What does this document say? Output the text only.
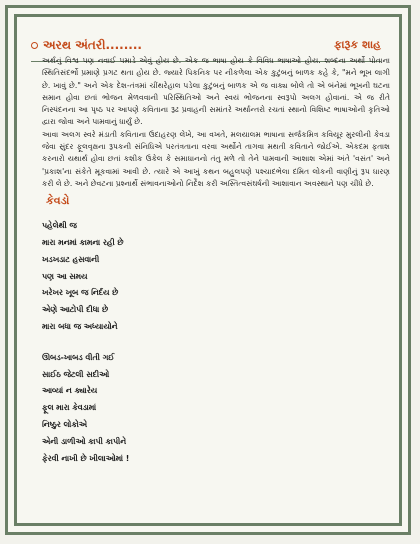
અરથ અંતરી........	ફારૂક શાહ

અર્થનું વિશ્વ પણ નવાઈ પમાડે એવું હોય છે. એક જ ભાષા હોય કે વિવિધ ભાષાઓ હોય. શબ્દના અર્થો પોતાના સ્થિતિસંદર્ભો પ્રમાણે પ્રગટ થતા હોય છે. જ્યારે પિકનિક પર નીકળેલા એક કુટુંબનું બાળક કહે કે, "મને ભૂખ લાગી છે. ખાવું છે." અને એક દેશ-તંત્રમાં ચીંથરેહાલ પડેલા કુટુંબનું બાળક એ જ વાક્ય બોલે તો એ બંનેમાં ભૂખની ઘટના સમાન હોવા છતાં ભોજન મેળવવાની પરિસ્થિતિઓ અને સ્વયં ભોજનના સ્વરૂપો અલગ હોવાનાં. એ જ રીતે નિસ્પંદનના આ પૃષ્ઠ પર આપણે કવિતાના રૂઢ પ્રવાહની સમાંતરે અર્થાન્તરો રચતાં સ્થાનો વિશિષ્ટ ભાષાઓની કૃતિઓ દ્વારા જોવા અને પામવાનું ધાર્યું છે.

આવા અલગ સ્વરે મંડાતી કવિતાના ઉદાહરણ લેખે, આ વખતે, મલયાલમ ભાષાના સર્જકમિત્ર કવિયૂર મુરલીની કેવડા જેવા સુંદર ફૂલવૃક્ષના રૂપકની સંનિધિએ પરતંત્રતાના વરવા અર્થોને તાગવા મથતી કવિતાને જોઈએ. એકદમ ફતાશ કરનારો યથાર્થ હોવા છતાં કશીક ઉકેલ કે સમાધાનનો તંતુ મળે તો તેને પામવાની આશાશ એમાં અંતે 'વસંત' અને 'પ્રકાશ'ના સંકેતે મૂકવામાં આવી છે. ત્યારે એ આખું કથન બહુલપણે પશ્ચાદભેલા દમિત લોકની વાણીનું રૂપ ધારણ કરી લે છે. અને છેવટના પ્રશ્નાર્થે સંભાવનાઓનો નિર્દેશ કરી અસ્તિત્વસંઘર્ષની આશાવાન અવસ્થાને પણ ચીંધે છે.

કેવડો

પહેલેથી જ

મારા મનમાં કામના રહી છે

ખડખડાટ હસવાની

પણ આ સમય

ખરેખર ખૂબ જ નિર્દય છે

એણે આટોપી દીધા છે

મારા બધા જ અધ્યાયોને

ઊબડ-ખાબડ વીતી ગઈ

સાઈઠ જેટલી સદીઓ

આવ્યાં ન ક્યારેય

ફૂલ મારા કેવડામાં

નિષ્ઠુર લોકોએ

એની ડાળીઓ કાપી કાપીને

ફેરવી નાખી છે ખીલાઓમાં !
